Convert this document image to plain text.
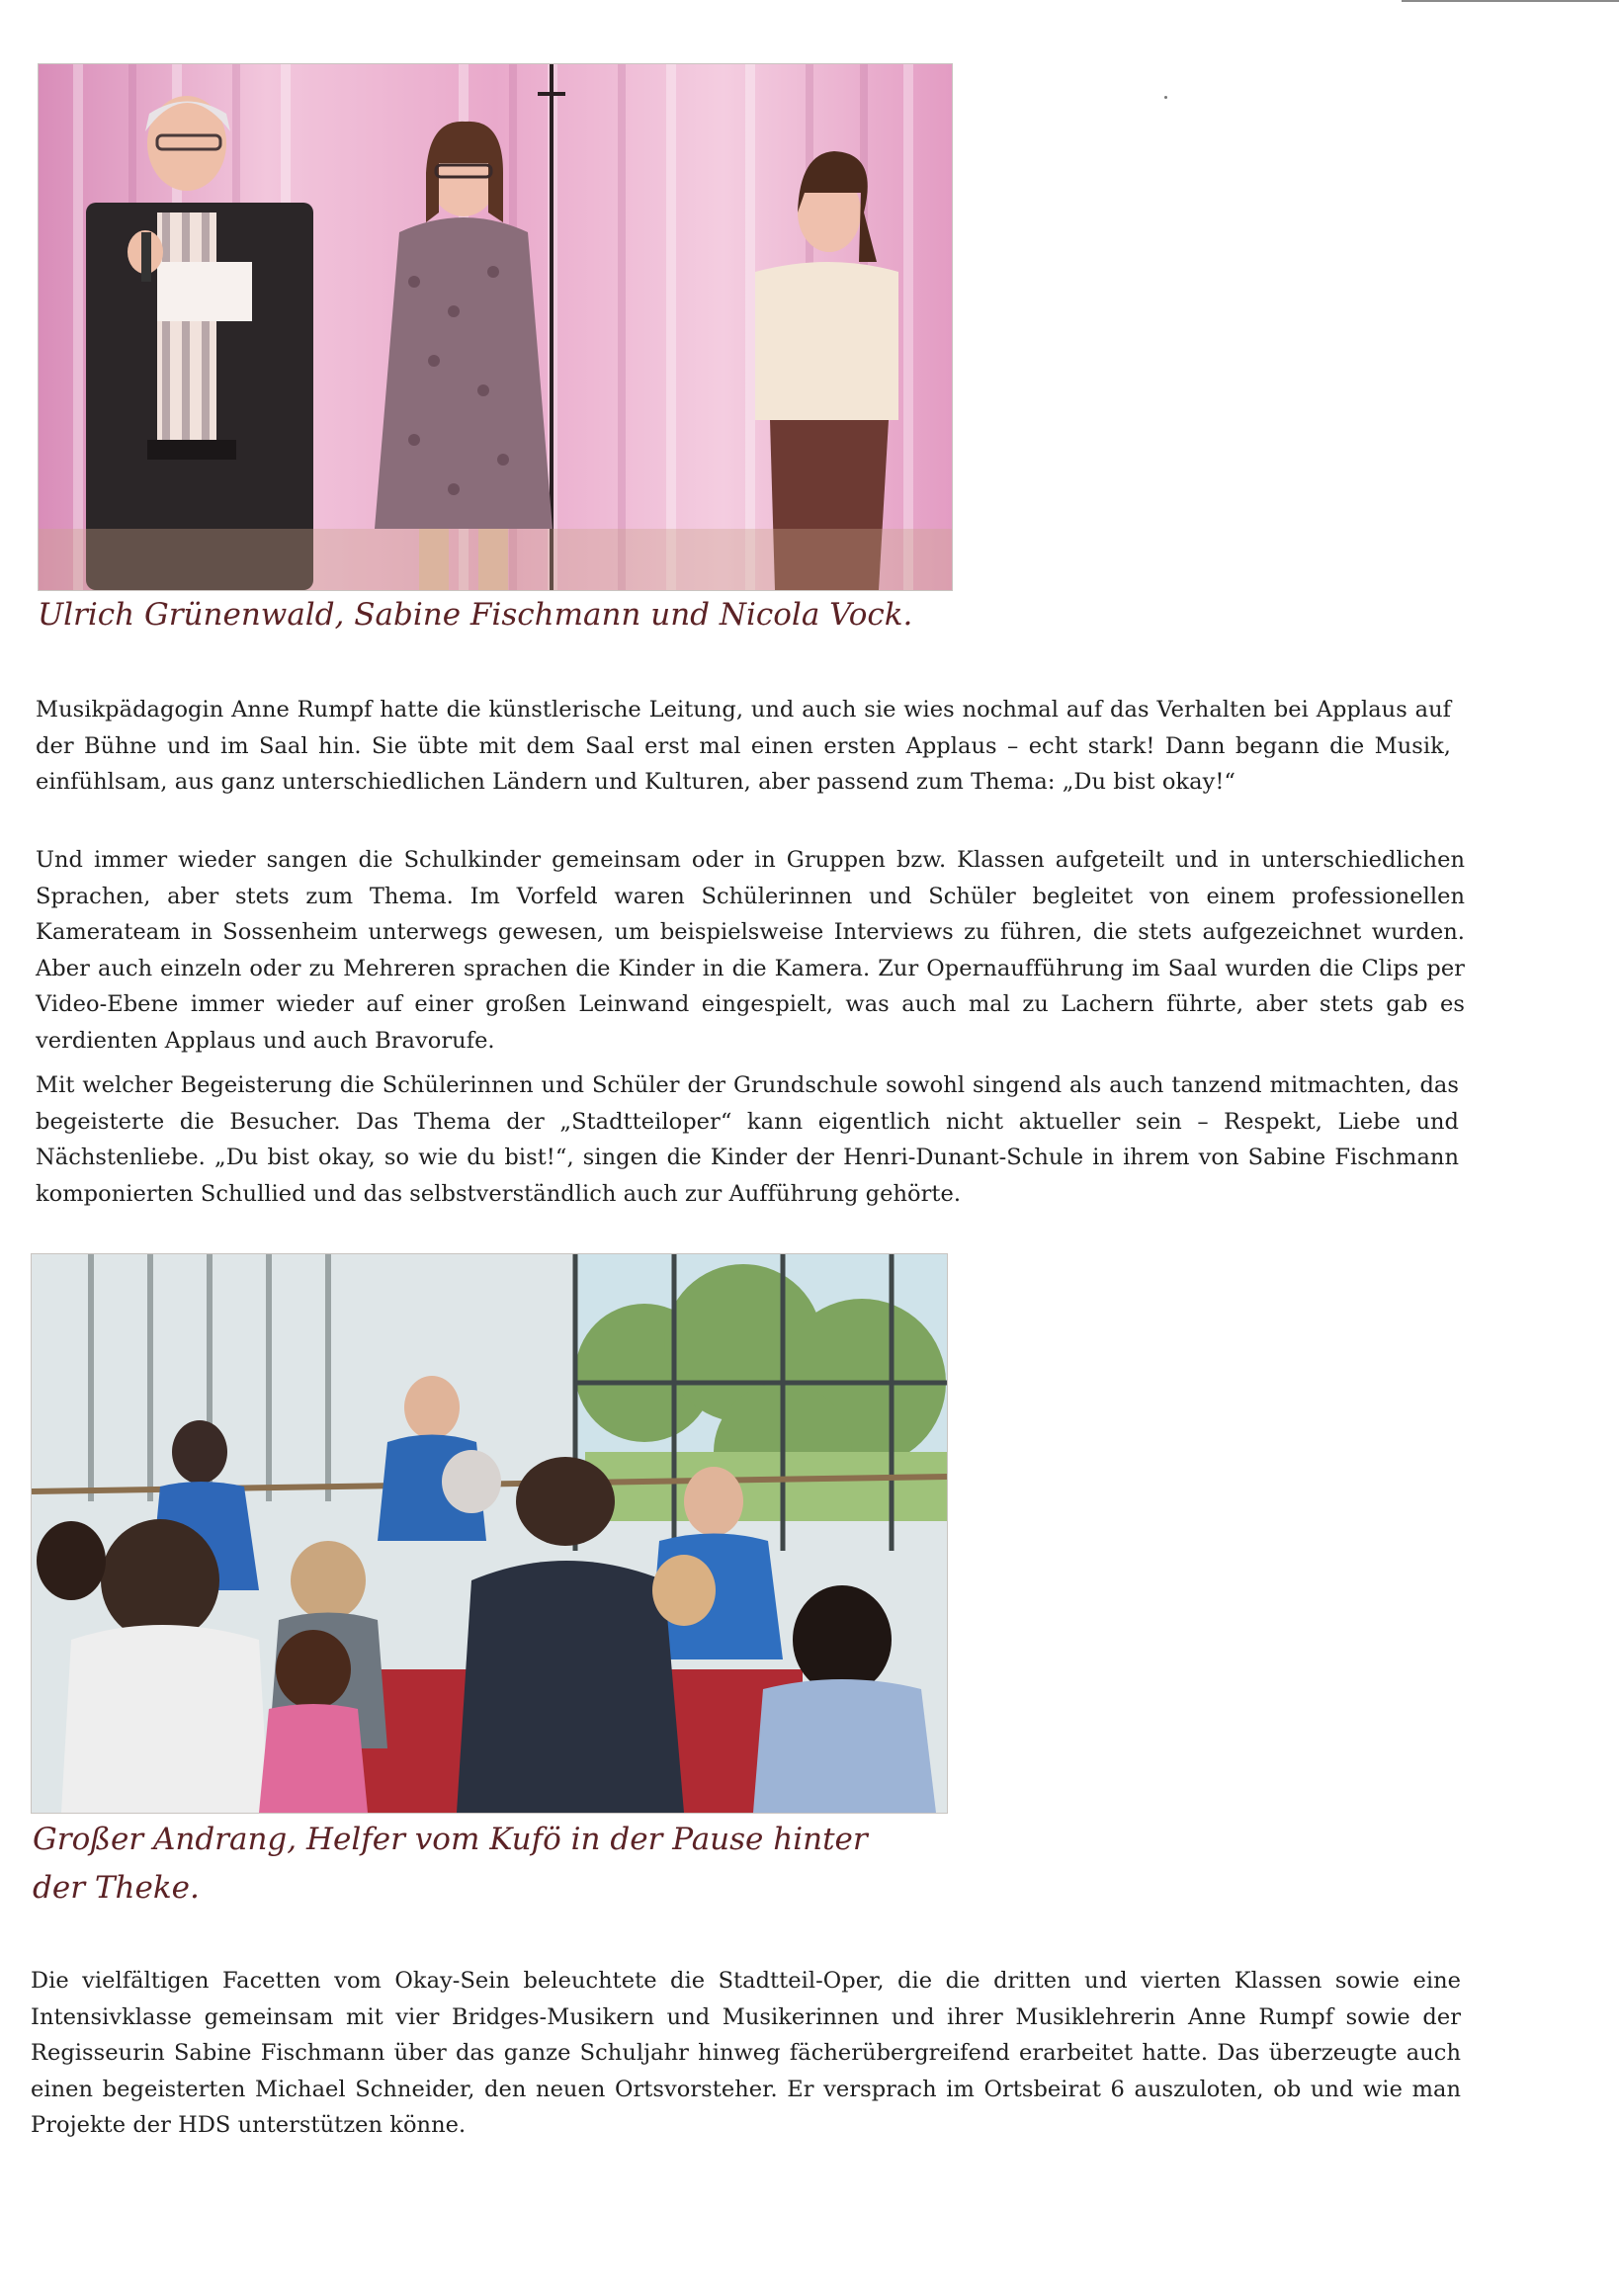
Ulrich Grünenwald, Sabine Fischmann und Nicola Vock.

Musikpädagogin Anne Rumpf hatte die künstlerische Leitung, und auch sie wies nochmal auf das Verhalten bei Applaus auf der Bühne und im Saal hin. Sie übte mit dem Saal erst mal einen ersten Applaus – echt stark! Dann begann die Musik, einfühlsam, aus ganz unterschiedlichen Ländern und Kulturen, aber passend zum Thema: „Du bist okay!“

Und immer wieder sangen die Schulkinder gemeinsam oder in Gruppen bzw. Klassen aufgeteilt und in unterschiedlichen Sprachen, aber stets zum Thema. Im Vorfeld waren Schülerinnen und Schüler begleitet von einem professionellen Kamerateam in Sossenheim unterwegs gewesen, um beispielsweise Interviews zu führen, die stets aufgezeichnet wurden. Aber auch einzeln oder zu Mehreren sprachen die Kinder in die Kamera. Zur Opernaufführung im Saal wurden die Clips per Video-Ebene immer wieder auf einer großen Leinwand eingespielt, was auch mal zu Lachern führte, aber stets gab es verdienten Applaus und auch Bravorufe.

Mit welcher Begeisterung die Schülerinnen und Schüler der Grundschule sowohl singend als auch tanzend mitmachten, das begeisterte die Besucher. Das Thema der „Stadtteiloper“ kann eigentlich nicht aktueller sein – Respekt, Liebe und Nächstenliebe. „Du bist okay, so wie du bist!“, singen die Kinder der Henri-Dunant-Schule in ihrem von Sabine Fischmann komponierten Schullied und das selbstverständlich auch zur Aufführung gehörte.

Großer Andrang, Helfer vom Kufö in der Pause hinter der Theke.

Die vielfältigen Facetten vom Okay-Sein beleuchtete die Stadtteil-Oper, die die dritten und vierten Klassen sowie eine Intensivklasse gemeinsam mit vier Bridges-Musikern und Musikerinnen und ihrer Musiklehrerin Anne Rumpf sowie der Regisseurin Sabine Fischmann über das ganze Schuljahr hinweg fächerübergreifend erarbeitet hatte. Das überzeugte auch einen begeisterten Michael Schneider, den neuen Ortsvorsteher. Er versprach im Ortsbeirat 6 auszuloten, ob und wie man Projekte der HDS unterstützen könne.
